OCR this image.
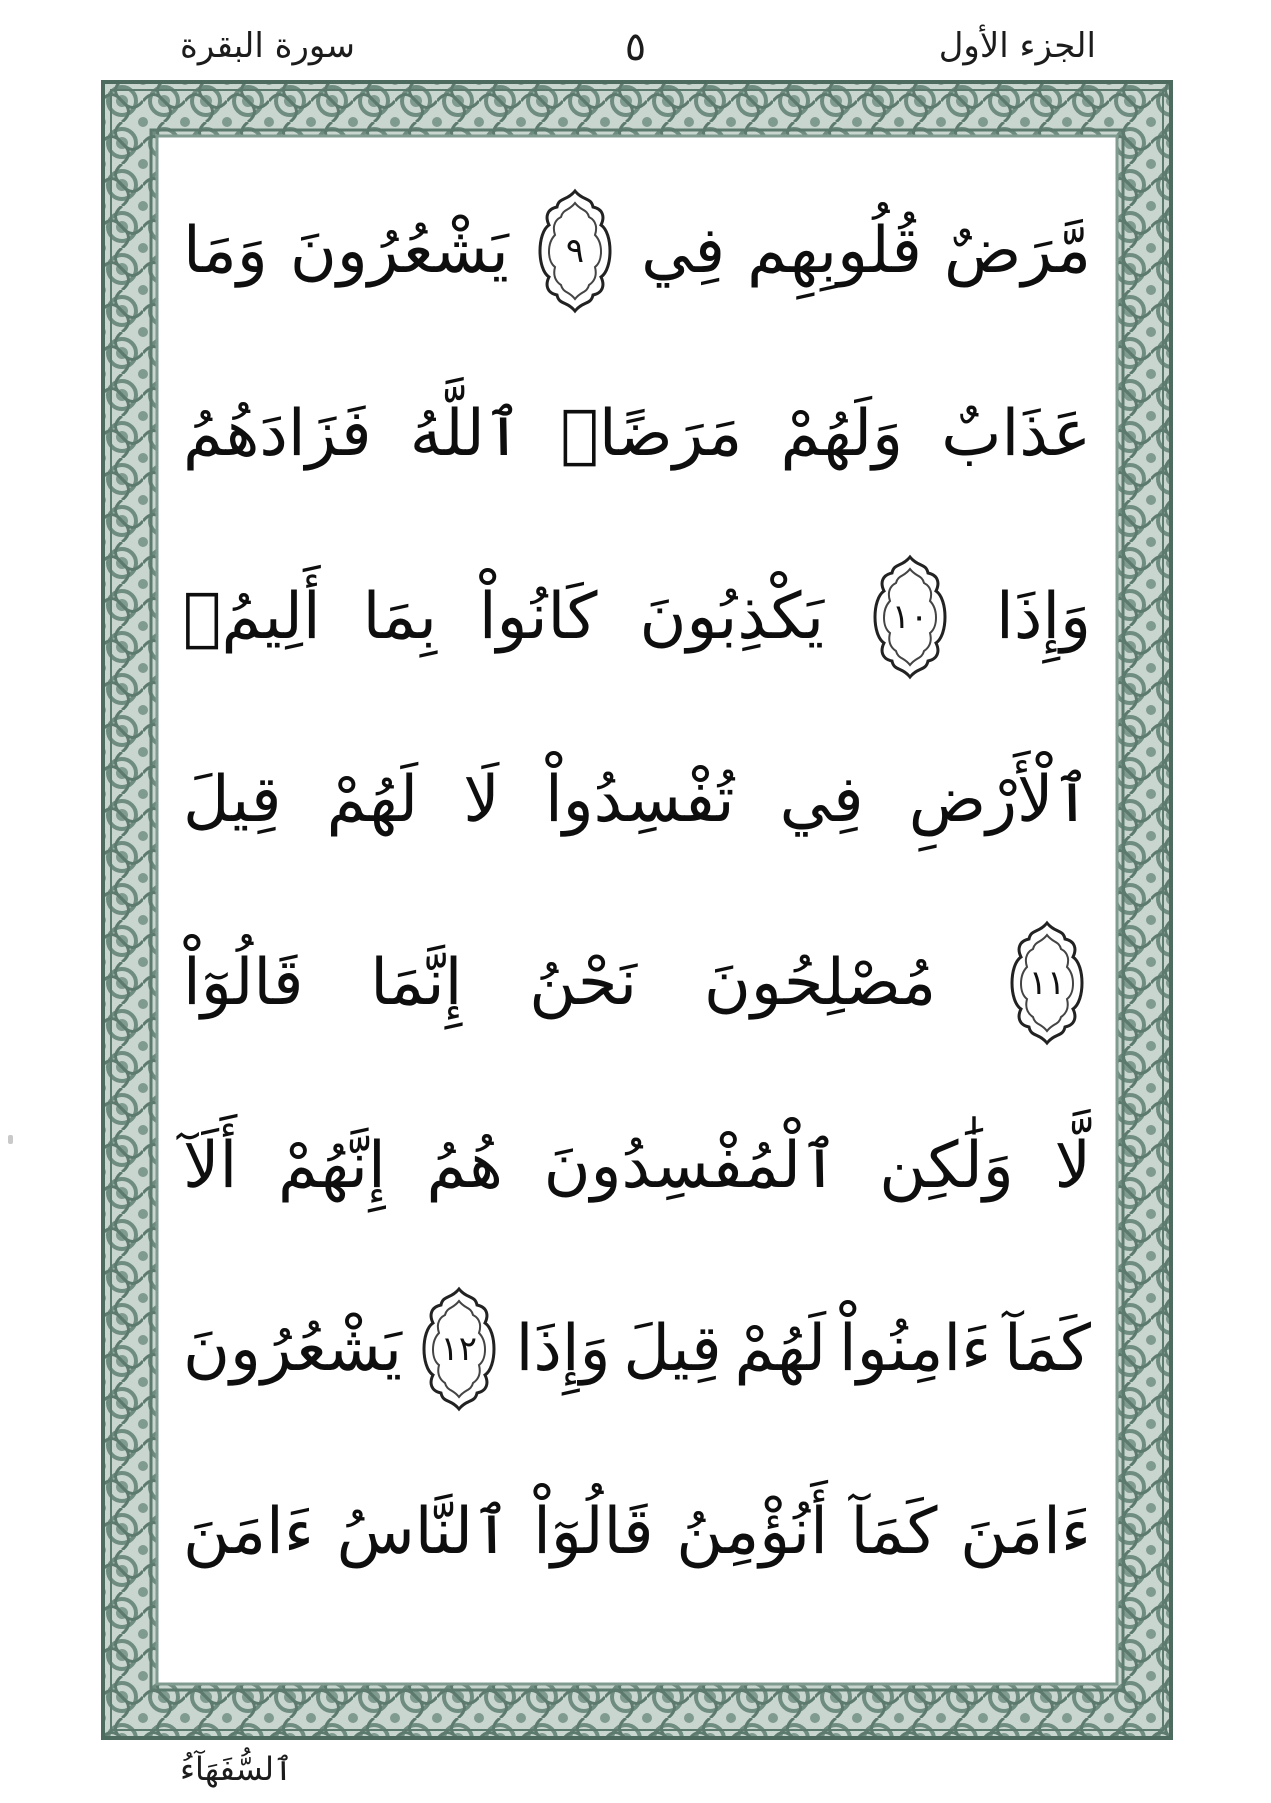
الجزء الأول
٥
سورة البقرة
وَمَا يَشْعُرُونَ	٩ فِي قُلُوبِهِم مَّرَضٌ
فَزَادَهُمُ ٱللَّهُ مَرَضًاۖ وَلَهُمْ عَذَابٌ
أَلِيمُۢ بِمَا كَانُواْ يَكْذِبُونَ	١٠	وَإِذَا
قِيلَ لَهُمْ لَا تُفْسِدُواْ فِي ٱلْأَرْضِ
قَالُوٓاْ إِنَّمَا نَحْنُ مُصْلِحُونَ	١١
أَلَآ إِنَّهُمْ هُمُ ٱلْمُفْسِدُونَ وَلَٰكِن لَّا
يَشْعُرُونَ	١٢ وَإِذَا قِيلَ لَهُمْ ءَامِنُواْ كَمَآ
ءَامَنَ ٱلنَّاسُ قَالُوٓاْ أَنُؤْمِنُ كَمَآ ءَامَنَ
ٱلسُّفَهَآءُ
